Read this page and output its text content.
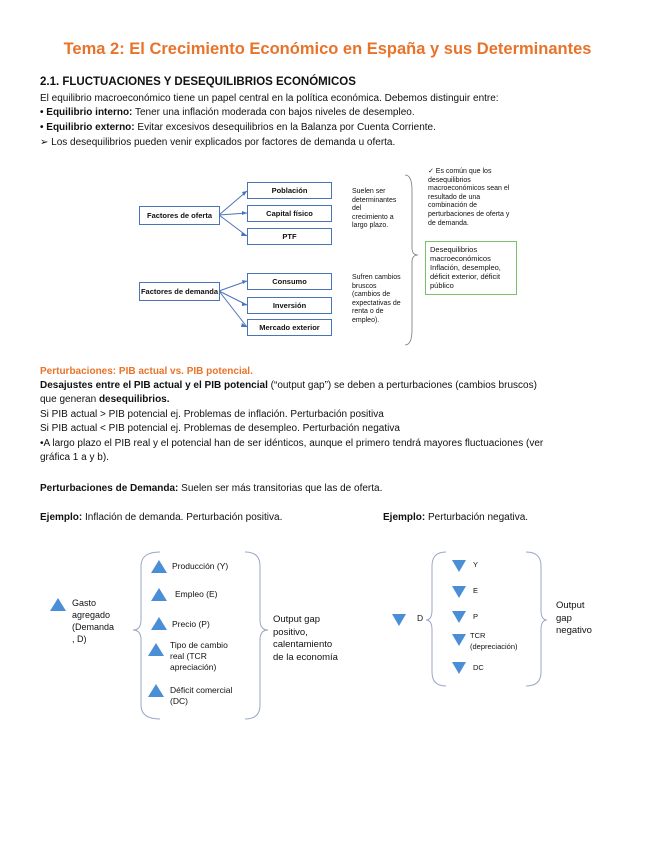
Tema 2: El Crecimiento Económico en España y sus Determinantes
2.1. FLUCTUACIONES Y DESEQUILIBRIOS ECONÓMICOS
El equilibrio macroeconómico tiene un papel central en la política económica. Debemos distinguir entre:
• Equilibrio interno: Tener una inflación moderada con bajos niveles de desempleo.
• Equilibrio externo: Evitar excesivos desequilibrios en la Balanza por Cuenta Corriente.
➢ Los desequilibrios pueden venir explicados por factores de demanda u oferta.
Factores de oferta
Población
Capital físico
PTF
Suelen ser
determinantes
del
crecimiento a
largo plazo.
Factores de demanda
Consumo
Inversión
Mercado exterior
Sufren cambios
bruscos
(cambios de
expectativas de
renta o de
empleo).
✓ Es común que los
desequilibrios
macroeconómicos sean el
resultado de una
combinación de
perturbaciones de oferta y
de demanda.
Desequilibrios
macroeconómicos
Inflación, desempleo,
déficit exterior, déficit
público
Perturbaciones: PIB actual vs. PIB potencial.
Desajustes entre el PIB actual y el PIB potencial (“output gap”) se deben a perturbaciones (cambios bruscos)
que generan desequilibrios.
Si PIB actual > PIB potencial ej. Problemas de inflación. Perturbación positiva
Si PIB actual < PIB potencial ej. Problemas de desempleo. Perturbación negativa
•A largo plazo el PIB real y el potencial han de ser idénticos, aunque el primero tendrá mayores fluctuaciones (ver
gráfica 1 a y b).
Perturbaciones de Demanda: Suelen ser más transitorias que las de oferta.
Ejemplo: Inflación de demanda. Perturbación positiva.	Ejemplo: Perturbación negativa.
Gasto
agregado
(Demanda
, D)
Producción (Y)
Empleo (E)
Precio (P)
Tipo de cambio
real (TCR
apreciación)
Déficit comercial
(DC)
Output gap
positivo,
calentamiento
de la economía
D
Y
E
P
TCR
(depreciación)
DC
Output
gap
negativo
